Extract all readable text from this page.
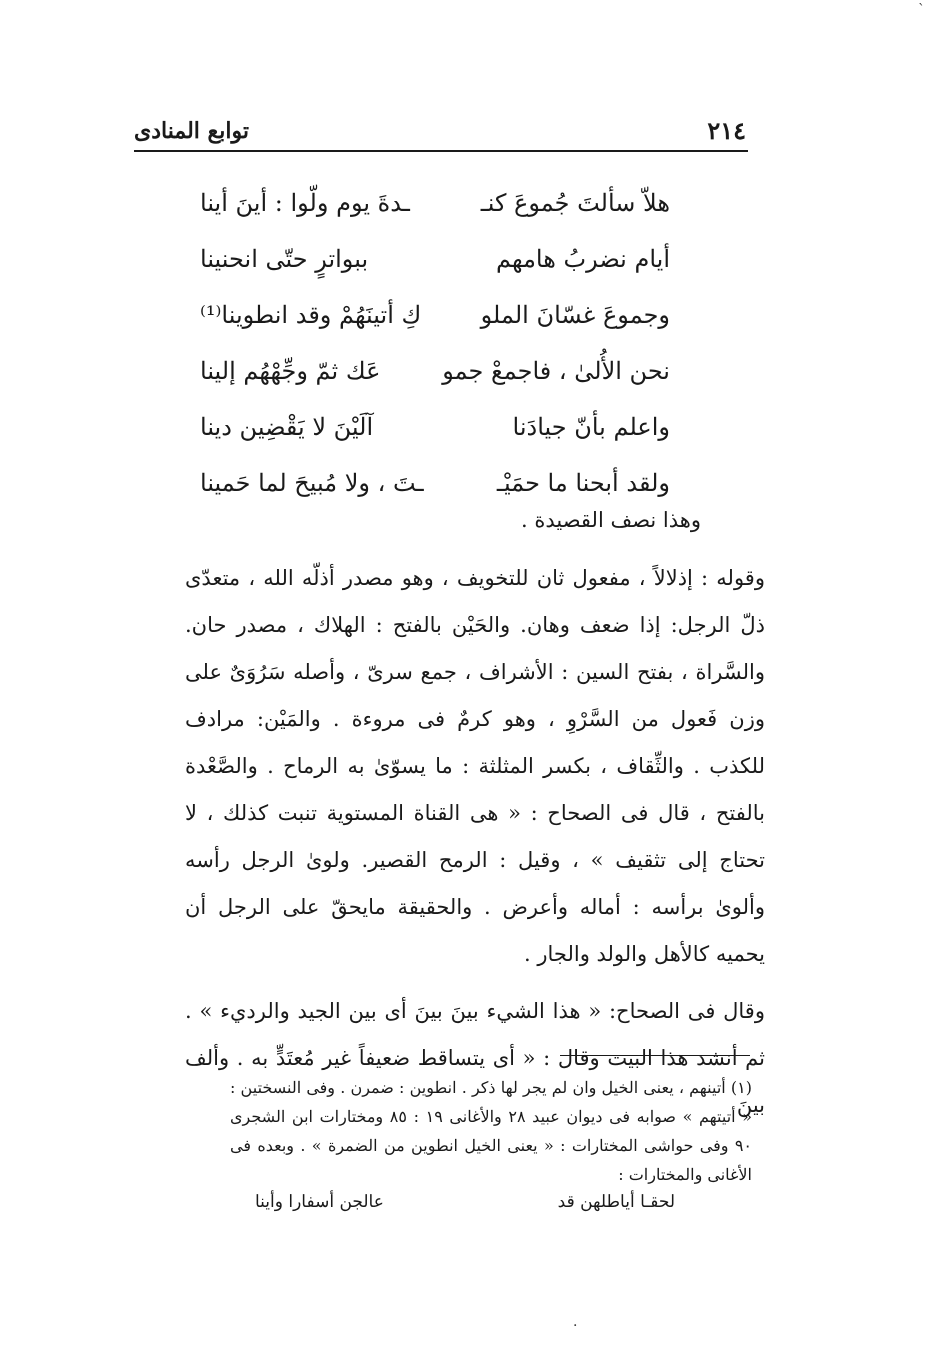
٢١٤
توابع المنادى
هلاّ سألتَ جُموعَ كنـ
ـدةَ يوم ولّوا : أينَ أينا
أيام نضربُ هامهم
ببواترٍ حتّى انحنينا
وجموعَ غسّانَ الملو
كِ أتينَهُمْ وقد انطوينا⁽¹⁾
نحن الأُلىٰ ، فاجمعْ جمو
عَك ثمّ وجِّهْهُم إلينا
واعلم بأنّ جيادَنا
آلَيْنَ لا يَقْضِين دينا
ولقد أبحنا ما حمَيْـ
ـتَ ، ولا مُبيحَ لما حَمينا
وهذا نصف القصيدة .

وقوله : إذلالاً ، مفعول ثان للتخويف ، وهو مصدر أذلّه الله ، متعدّى ذلّ الرجل: إذا ضعف وهان. والحَيْن بالفتح : الهلاك ، مصدر حان. والسَّراة ، بفتح السين : الأشراف ، جمع سرىّ ، وأصله سَرُوَىٌ على وزن فَعول من السَّرْوِ ، وهو كرمٌ فى مروءة . والمَيْن: مرادف للكذب . والثِّقاف ، بكسر المثلثة : ما يسوّىٰ به الرماح . والصَّعْدة بالفتح ، قال فى الصحاح : « هى القناة المستوية تنبت كذلك ، لا تحتاج إلى تثقيف » ، وقيل : الرمح القصير. ولوىٰ الرجل رأسه وألوىٰ برأسه : أماله وأعرض . والحقيقة مايحقّ على الرجل أن يحميه كالأهل والولد والجار .

وقال فى الصحاح: « هذا الشيء بينَ بينَ أى بين الجيد والرديء » . ثم أنشد هذا البيت وقال : « أى يتساقط ضعيفاً غير مُعتَدٍّ به . وألف بينَ

(١) أتينهم ، يعنى الخيل وان لم يجر لها ذكر . انطوين : ضمرن . وفى النسختين : « أتيتهم » صوابه فى ديوان عبيد ٢٨ والأغانى ١٩ : ٨٥ ومختارات ابن الشجرى ٩٠ وفى حواشى المختارات : « يعنى الخيل انطوين من الضمرة » . وبعده فى الأغانى والمختارات :

لحقـا أياطلهن قد
عالجن أسفارا وأينا
ˋ
·
